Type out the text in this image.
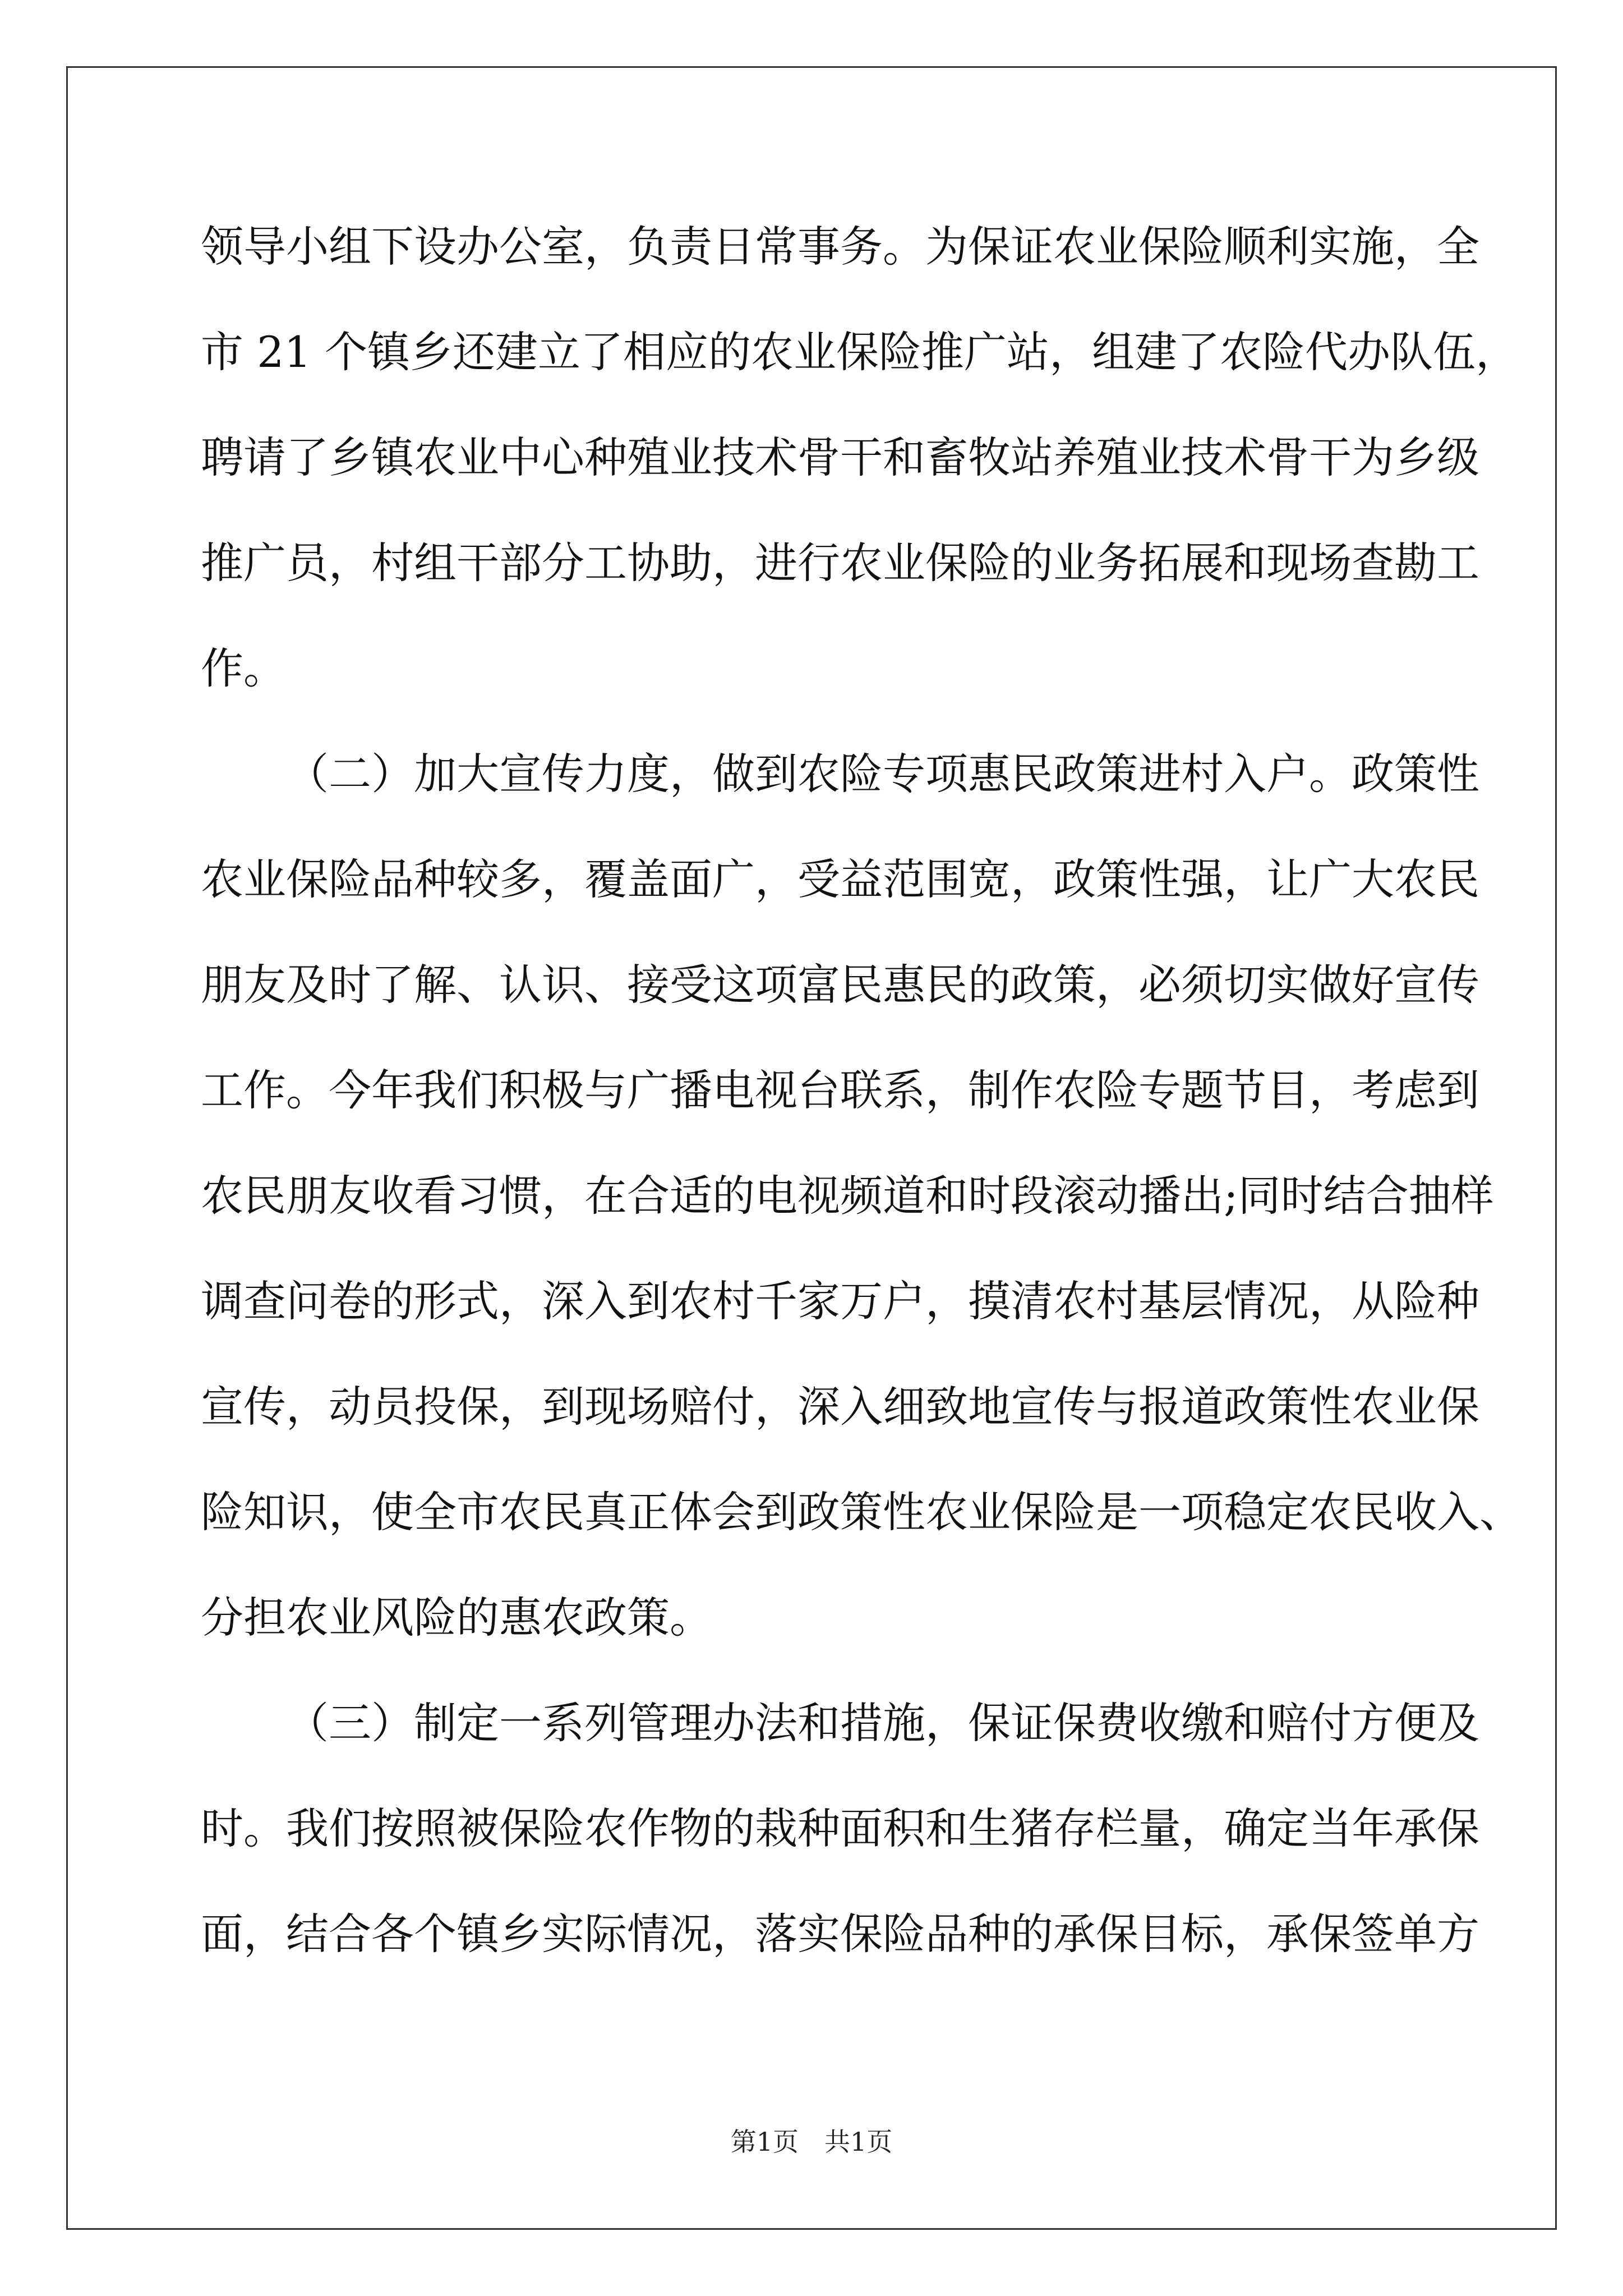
领导小组下设办公室，负责日常事务。为保证农业保险顺利实施，全
市 21 个镇乡还建立了相应的农业保险推广站，组建了农险代办队伍，
聘请了乡镇农业中心种殖业技术骨干和畜牧站养殖业技术骨干为乡级
推广员，村组干部分工协助，进行农业保险的业务拓展和现场查勘工
作。
（二）加大宣传力度，做到农险专项惠民政策进村入户。政策性
农业保险品种较多，覆盖面广，受益范围宽，政策性强，让广大农民
朋友及时了解、认识、接受这项富民惠民的政策，必须切实做好宣传
工作。今年我们积极与广播电视台联系，制作农险专题节目，考虑到
农民朋友收看习惯，在合适的电视频道和时段滚动播出;同时结合抽样
调查问卷的形式，深入到农村千家万户，摸清农村基层情况，从险种
宣传，动员投保，到现场赔付，深入细致地宣传与报道政策性农业保
险知识，使全市农民真正体会到政策性农业保险是一项稳定农民收入、
分担农业风险的惠农政策。
（三）制定一系列管理办法和措施，保证保费收缴和赔付方便及
时。我们按照被保险农作物的栽种面积和生猪存栏量，确定当年承保
面，结合各个镇乡实际情况，落实保险品种的承保目标，承保签单方
第1页　共1页
